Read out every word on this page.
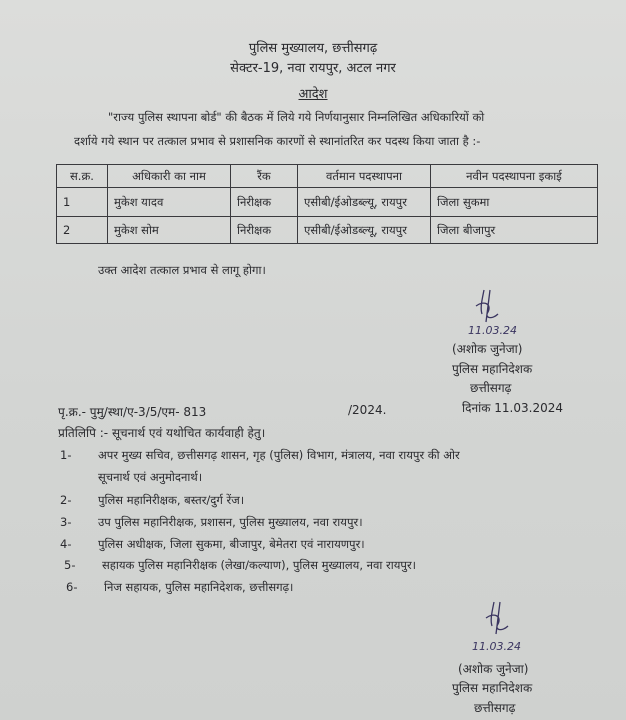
पुलिस मुख्यालय, छत्तीसगढ़
सेक्टर-19, नवा रायपुर, अटल नगर
आदेश
"राज्य पुलिस स्थापना बोर्ड" की बैठक में लिये गये निर्णयानुसार निम्नलिखित अधिकारियों को
दर्शाये गये स्थान पर तत्काल प्रभाव से प्रशासनिक कारणों से स्थानांतरित कर पदस्थ किया जाता है :-
स.क्र.	अधिकारी का नाम	रैंक	वर्तमान पदस्थापना	नवीन पदस्थापना इकाई
1	मुकेश यादव	निरीक्षक	एसीबी/ईओडब्ल्यू, रायपुर	जिला सुकमा
2	मुकेश सोम	निरीक्षक	एसीबी/ईओडब्ल्यू, रायपुर	जिला बीजापुर
उक्त आदेश तत्काल प्रभाव से लागू होगा।
11.03.24
(अशोक जुनेजा)
पुलिस महानिदेशक
छत्तीसगढ़
पृ.क्र.- पुमु/स्था/ए-3/5/एम- 813	/2024.	दिनांक 11.03.2024
प्रतिलिपि :- सूचनार्थ एवं यथोचित कार्यवाही हेतु।
1- अपर मुख्य सचिव, छत्तीसगढ़ शासन, गृह (पुलिस) विभाग, मंत्रालय, नवा रायपुर की ओर
सूचनार्थ एवं अनुमोदनार्थ।
2- पुलिस महानिरीक्षक, बस्तर/दुर्ग रेंज।
3- उप पुलिस महानिरीक्षक, प्रशासन, पुलिस मुख्यालय, नवा रायपुर।
4- पुलिस अधीक्षक, जिला सुकमा, बीजापुर, बेमेतरा एवं नारायणपुर।
5- सहायक पुलिस महानिरीक्षक (लेखा/कल्याण), पुलिस मुख्यालय, नवा रायपुर।
6- निज सहायक, पुलिस महानिदेशक, छत्तीसगढ़।
11.03.24
(अशोक जुनेजा)
पुलिस महानिदेशक
छत्तीसगढ़
